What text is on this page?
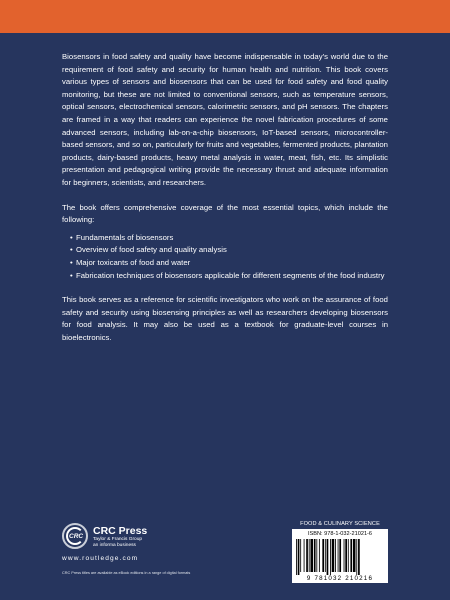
Biosensors in food safety and quality have become indispensable in today's world due to the requirement of food safety and security for human health and nutrition. This book covers various types of sensors and biosensors that can be used for food safety and food quality monitoring, but these are not limited to conventional sensors, such as temperature sensors, optical sensors, electrochemical sensors, calorimetric sensors, and pH sensors. The chapters are framed in a way that readers can experience the novel fabrication procedures of some advanced sensors, including lab-on-a-chip biosensors, IoT-based sensors, microcontroller-based sensors, and so on, particularly for fruits and vegetables, fermented products, plantation products, dairy-based products, heavy metal analysis in water, meat, fish, etc. Its simplistic presentation and pedagogical writing provide the necessary thrust and adequate information for beginners, scientists, and researchers.

The book offers comprehensive coverage of the most essential topics, which include the following:

• Fundamentals of biosensors
• Overview of food safety and quality analysis
• Major toxicants of food and water
• Fabrication techniques of biosensors applicable for different segments of the food industry

This book serves as a reference for scientific investigators who work on the assurance of food safety and security using biosensing principles as well as researchers developing biosensors for food analysis. It may also be used as a textbook for graduate-level courses in bioelectronics.

CRC CRC Press
Taylor & Francis Group
an informa business
www.routledge.com
CRC Press titles are available as eBook editions in a range of digital formats
FOOD & CULINARY SCIENCE
ISBN: 978-1-032-21021-6
9 781032 210216
